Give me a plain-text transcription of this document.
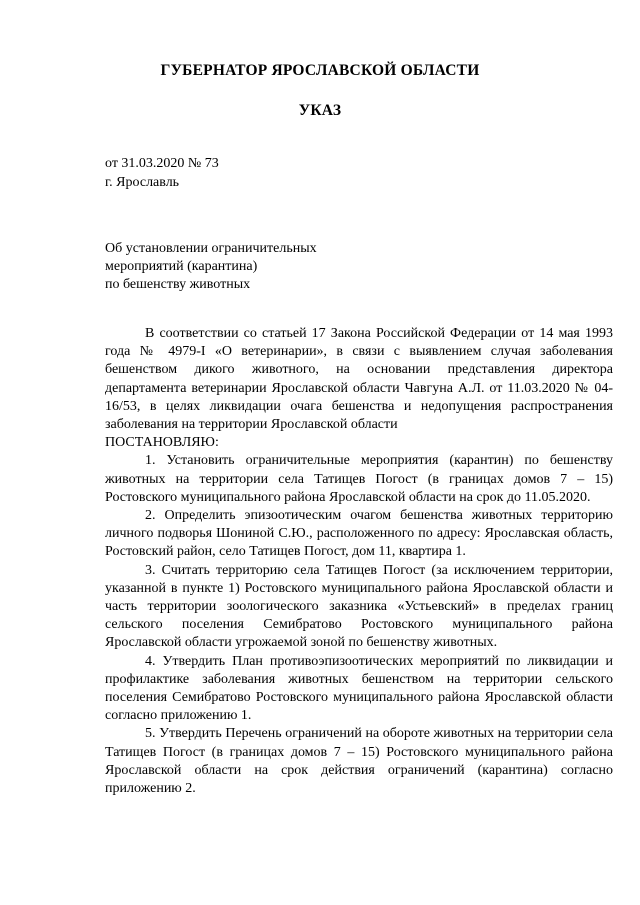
ГУБЕРНАТОР ЯРОСЛАВСКОЙ ОБЛАСТИ
УКАЗ
от 31.03.2020 № 73
г. Ярославль
Об установлении ограничительных
мероприятий (карантина)
по бешенству животных

В соответствии со статьей 17 Закона Российской Федерации от 14 мая 1993 года № 4979-I «О ветеринарии», в связи с выявлением случая заболевания бешенством дикого животного, на основании представления директора департамента ветеринарии Ярославской области Чавгуна А.Л. от 11.03.2020 № 04-16/53, в целях ликвидации очага бешенства и недопущения распространения заболевания на территории Ярославской области

ПОСТАНОВЛЯЮ:

1. Установить ограничительные мероприятия (карантин) по бешенству животных на территории села Татищев Погост (в границах домов 7 – 15) Ростовского муниципального района Ярославской области на срок до 11.05.2020.

2. Определить эпизоотическим очагом бешенства животных территорию личного подворья Шониной С.Ю., расположенного по адресу: Ярославская область, Ростовский район, село Татищев Погост, дом 11, квартира 1.

3. Считать территорию села Татищев Погост (за исключением территории, указанной в пункте 1) Ростовского муниципального района Ярославской области и часть территории зоологического заказника «Устьевский» в пределах границ сельского поселения Семибратово Ростовского муниципального района Ярославской области угрожаемой зоной по бешенству животных.

4. Утвердить План противоэпизоотических мероприятий по ликвидации и профилактике заболевания животных бешенством на территории сельского поселения Семибратово Ростовского муниципального района Ярославской области согласно приложению 1.

5. Утвердить Перечень ограничений на обороте животных на территории села Татищев Погост (в границах домов 7 – 15) Ростовского муниципального района Ярославской области на срок действия ограничений (карантина) согласно приложению 2.
